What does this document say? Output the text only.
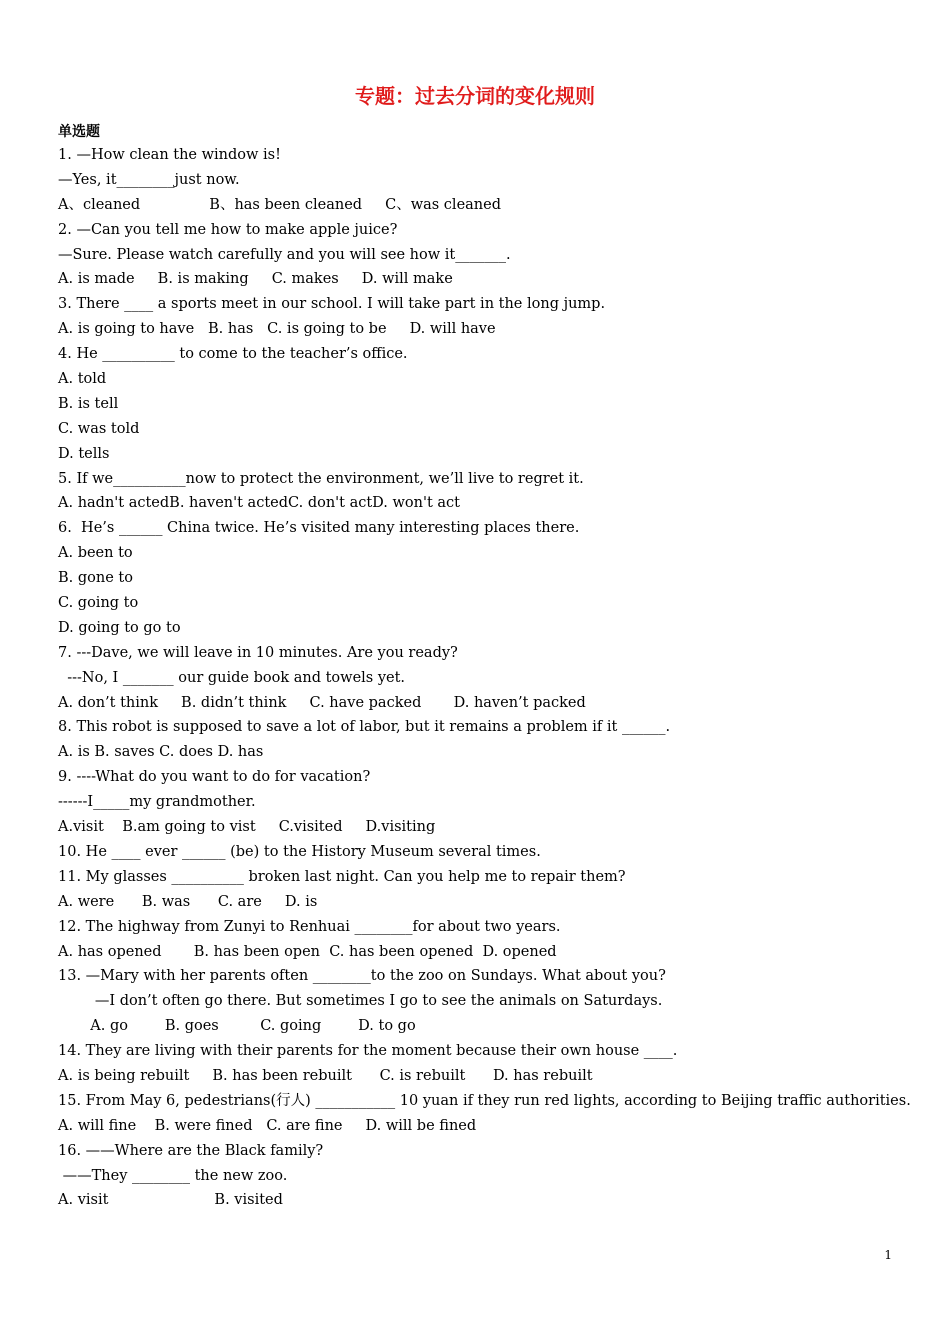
专题：过去分词的变化规则
单选题
1. —How clean the window is!
—Yes, it________just now.
A、cleaned               B、has been cleaned     C、was cleaned
2. —Can you tell me how to make apple juice?
—Sure. Please watch carefully and you will see how it_______.
A. is made     B. is making     C. makes     D. will make
3. There ____ a sports meet in our school. I will take part in the long jump.
A. is going to have   B. has   C. is going to be     D. will have
4. He __________ to come to the teacher’s office.
A. told
B. is tell
C. was told
D. tells
5. If we__________now to protect the environment, we’ll live to regret it.
A. hadn't actedB. haven't actedC. don't actD. won't act
6.  He’s ______ China twice. He’s visited many interesting places there.
A. been to
B. gone to
C. going to
D. going to go to
7. ---Dave, we will leave in 10 minutes. Are you ready?
---No, I _______ our guide book and towels yet.
A. don’t think     B. didn’t think     C. have packed       D. haven’t packed
8. This robot is supposed to save a lot of labor, but it remains a problem if it ______.
A. is B. saves C. does D. has
9. ----What do you want to do for vacation?
------I_____my grandmother.
A.visit    B.am going to vist     C.visited     D.visiting
10. He ____ ever ______ (be) to the History Museum several times.
11. My glasses __________ broken last night. Can you help me to repair them?
A. were      B. was      C. are     D. is
12. The highway from Zunyi to Renhuai ________for about two years.
A. has opened       B. has been open  C. has been opened  D. opened
13. —Mary with her parents often ________to the zoo on Sundays. What about you?
—I don’t often go there. But sometimes I go to see the animals on Saturdays.
A. go        B. goes         C. going        D. to go
14. They are living with their parents for the moment because their own house ____.
A. is being rebuilt     B. has been rebuilt      C. is rebuilt      D. has rebuilt
15. From May 6, pedestrians(行人) ___________ 10 yuan if they run red lights, according to Beijing traffic authorities.
A. will fine    B. were fined   C. are fine     D. will be fined
16. ——Where are the Black family?
——They ________ the new zoo.
A. visit                       B. visited
1
